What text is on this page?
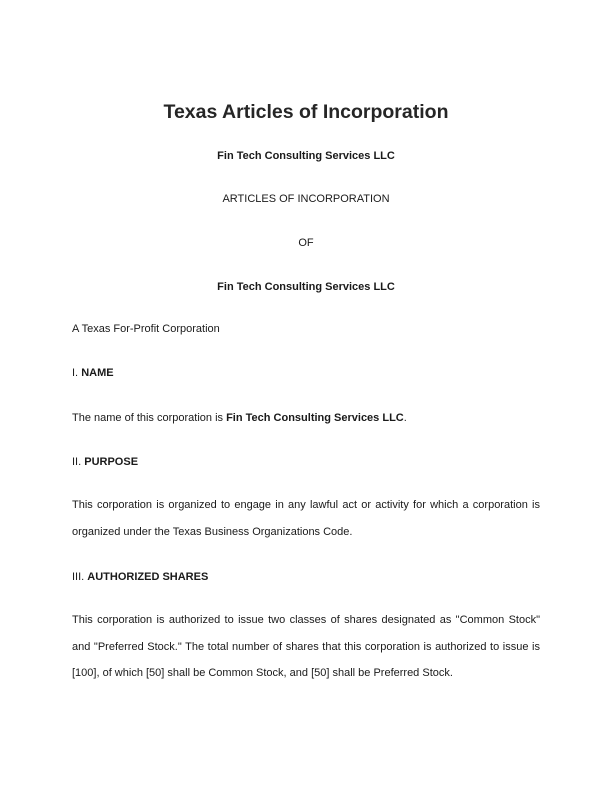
Texas Articles of Incorporation

Fin Tech Consulting Services LLC

ARTICLES OF INCORPORATION

OF

Fin Tech Consulting Services LLC

A Texas For-Profit Corporation

I. NAME

The name of this corporation is Fin Tech Consulting Services LLC.

II. PURPOSE

This corporation is organized to engage in any lawful act or activity for which a corporation is organized under the Texas Business Organizations Code.

III. AUTHORIZED SHARES

This corporation is authorized to issue two classes of shares designated as "Common Stock" and "Preferred Stock." The total number of shares that this corporation is authorized to issue is [100], of which [50] shall be Common Stock, and [50] shall be Preferred Stock.
